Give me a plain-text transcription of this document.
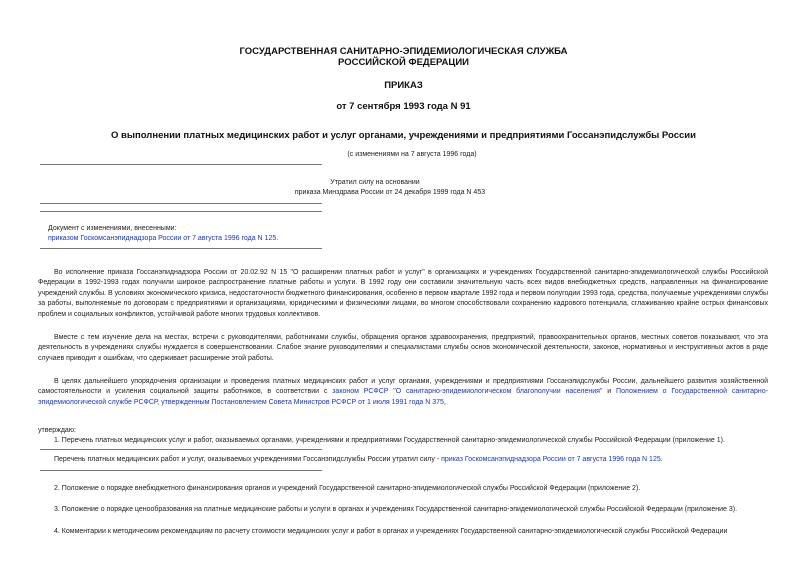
ГОСУДАРСТВЕННАЯ САНИТАРНО-ЭПИДЕМИОЛОГИЧЕСКАЯ СЛУЖБА
РОССИЙСКОЙ ФЕДЕРАЦИИ
ПРИКАЗ
от 7 сентября 1993 года N 91
О выполнении платных медицинских работ и услуг органами, учреждениями и предприятиями Госсанэпидслужбы России
(с изменениями на 7 августа 1996 года)
Утратил силу на основании
приказа Минздрава России от 24 декабря 1999 года N 453
Документ с изменениями, внесенными:
приказом Госкомсанэпиднадзора России от 7 августа 1996 года N 125.
Во исполнение приказа Госсанэпиднадзора России от 20.02.92 N 15 "О расширении платных работ и услуг" в организациях и учреждениях Государственной санитарно-эпидемиологической службы Российской Федерации в 1992-1993 годах получили широкое распространение платные работы и услуги. В 1992 году они составили значительную часть всех видов внебюджетных средств, направленных на финансирование учреждений службы. В условиях экономического кризиса, недостаточности бюджетного финансирования, особенно в первом квартале 1992 года и первом полугодии 1993 года, средства, получаемые учреждениями службы за работы, выполняемые по договорам с предприятиями и организациями, юридическими и физическими лицами, во многом способствовали сохранению кадрового потенциала, сглаживанию крайне острых финансовых проблем и социальных конфликтов, устойчивой работе многих трудовых коллективов.
Вместе с тем изучение дела на местах, встречи с руководителями, работниками службы, обращения органов здравоохранения, предприятий, правоохранительных органов, местных советов показывают, что эта деятельность в учреждениях службы нуждается в совершенствовании. Слабое знание руководителями и специалистами службы основ экономической деятельности, законов, нормативных и инструктивных актов в ряде случаев приводит к ошибкам, что сдерживает расширение этой работы.
В целях дальнейшего упорядочения организации и проведения платных медицинских работ и услуг органами, учреждениями и предприятиями Госсанэпидслужбы России, дальнейшего развития хозяйственной самостоятельности и усиления социальной защиты работников, в соответствии с законом РСФСР "О санитарно-эпидемиологическом благополучии населения" и Положением о Государственной санитарно-эпидемиологической службе РСФСР, утвержденным Постановлением Совета Министров РСФСР от 1 июля 1991 года N 375,
утверждаю:
1. Перечень платных медицинских услуг и работ, оказываемых органами, учреждениями и предприятиями Государственной санитарно-эпидемиологической службы Российской Федерации (приложение 1).
Перечень платных медицинских работ и услуг, оказываемых учреждениями Госсанэпидслужбы России утратил силу - приказ Госкомсанэпиднадзора России от 7 августа 1996 года N 125.
2. Положение о порядке внебюджетного финансирования органов и учреждений Государственной санитарно-эпидемиологической службы Российской Федерации (приложение 2).
3. Положение о порядке ценообразования на платные медицинские работы и услуги в органах и учреждениях Государственной санитарно-эпидемиологической службы Российской Федерации (приложение 3).
4. Комментарии к методическим рекомендациям по расчету стоимости медицинских услуг и работ в органах и учреждениях Государственной санитарно-эпидемиологической службы Российской Федерации
